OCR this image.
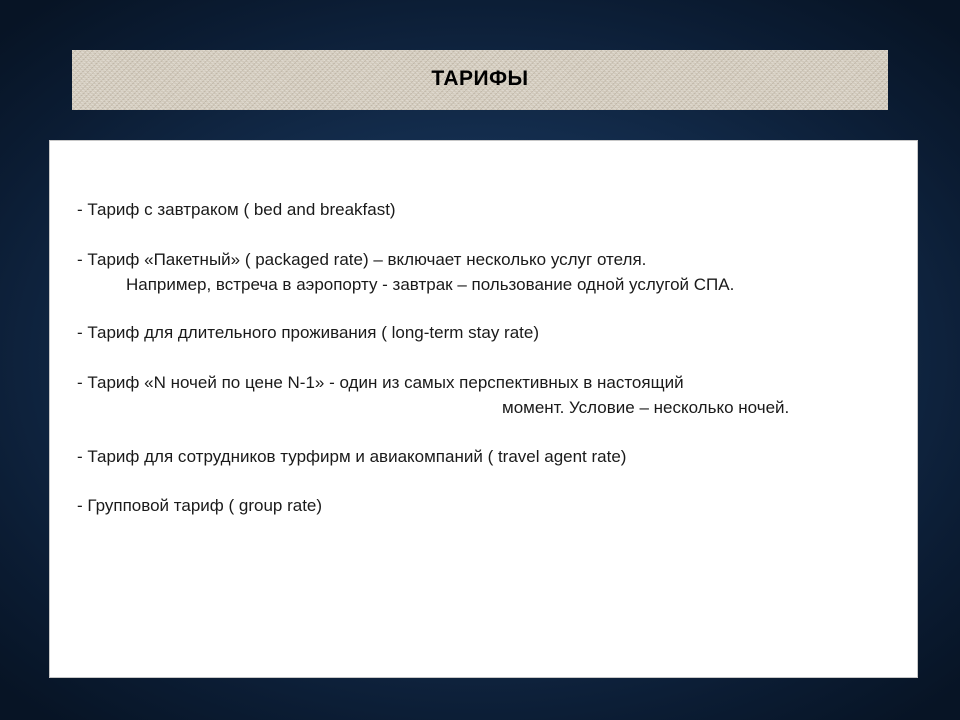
ТАРИФЫ
- Тариф с завтраком ( bed and breakfast)
- Тариф «Пакетный» ( packaged rate) – включает несколько услуг отеля.
Например, встреча в аэропорту - завтрак – пользование одной услугой СПА.
- Тариф для длительного проживания ( long-term stay rate)
- Тариф «N ночей по цене N-1» - один из самых перспективных в настоящий
момент. Условие – несколько ночей.
- Тариф для сотрудников турфирм и авиакомпаний ( travel agent rate)
- Групповой тариф ( group rate)
